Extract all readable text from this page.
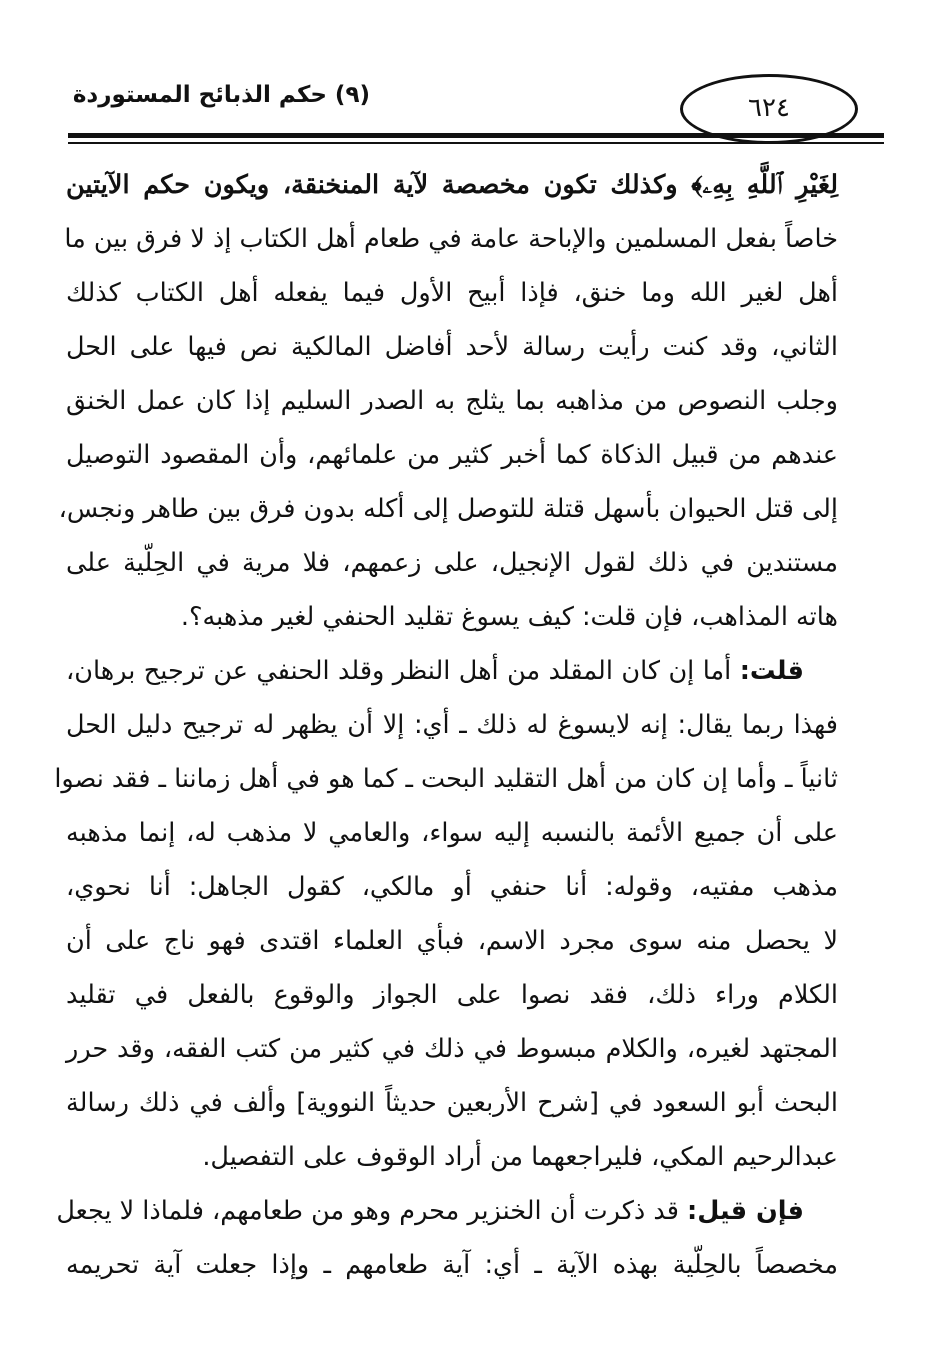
(٩) حكم الذبائح المستوردة	٦٢٤
لِغَيْرِ ٱللَّهِ بِهِۦ﴾ وكذلك تكون مخصصة لآية المنخنقة، ويكون حكم الآيتين
خاصاً بفعل المسلمين والإباحة عامة في طعام أهل الكتاب إذ لا فرق بين ما
أهل لغير الله وما خنق، فإذا أبيح الأول فيما يفعله أهل الكتاب كذلك
الثاني، وقد كنت رأيت رسالة لأحد أفاضل المالكية نص فيها على الحل
وجلب النصوص من مذاهبه بما يثلج به الصدر السليم إذا كان عمل الخنق
عندهم من قبيل الذكاة كما أخبر كثير من علمائهم، وأن المقصود التوصيل
إلى قتل الحيوان بأسهل قتلة للتوصل إلى أكله بدون فرق بين طاهر ونجس،
مستندين في ذلك لقول الإنجيل، على زعمهم، فلا مرية في الحِلّية على
هاته المذاهب، فإن قلت: كيف يسوغ تقليد الحنفي لغير مذهبه؟.
قلت: أما إن كان المقلد من أهل النظر وقلد الحنفي عن ترجيح برهان،
فهذا ربما يقال: إنه لايسوغ له ذلك ـ أي: إلا أن يظهر له ترجيح دليل الحل
ثانياً ـ وأما إن كان من أهل التقليد البحت ـ كما هو في أهل زماننا ـ فقد نصوا
على أن جميع الأئمة بالنسبه إليه سواء، والعامي لا مذهب له، إنما مذهبه
مذهب مفتيه، وقوله: أنا حنفي أو مالكي، كقول الجاهل: أنا نحوي،
لا يحصل منه سوى مجرد الاسم، فبأي العلماء اقتدى فهو ناج على أن
الكلام وراء ذلك، فقد نصوا على الجواز والوقوع بالفعل في تقليد
المجتهد لغيره، والكلام مبسوط في ذلك في كثير من كتب الفقه، وقد حرر
البحث أبو السعود في [شرح الأربعين حديثاً النووية] وألف في ذلك رسالة
عبدالرحيم المكي، فليراجعهما من أراد الوقوف على التفصيل.
فإن قيل: قد ذكرت أن الخنزير محرم وهو من طعامهم، فلماذا لا يجعل
مخصصاً بالحِلّية بهذه الآية ـ أي: آية طعامهم ـ وإذا جعلت آية تحريمه
